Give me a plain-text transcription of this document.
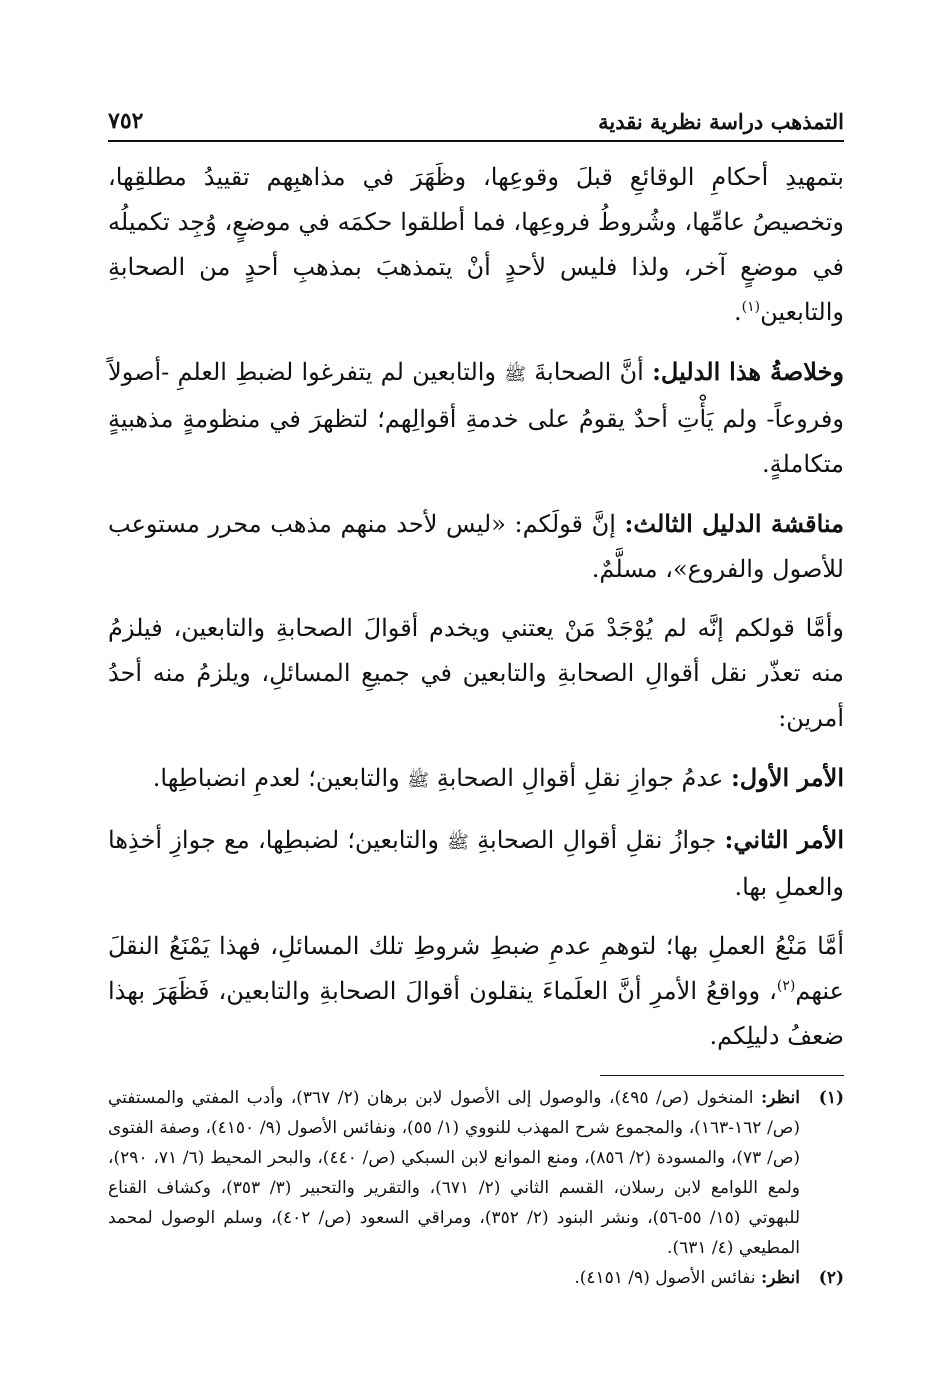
التمذهب دراسة نظرية نقدية
٧٥٢

بتمهيدِ أحكامِ الوقائعِ قبلَ وقوعِها، وظَهَرَ في مذاهبِهم تقييدُ مطلقِها، وتخصيصُ عامِّها، وشُروطُ فروعِها، فما أطلقوا حكمَه في موضعٍ، وُجِد تكميلُه في موضعٍ آخر، ولذا فليس لأحدٍ أنْ يتمذهبَ بمذهبِ أحدٍ من الصحابةِ والتابعين$^{(١)}$.

وخلاصةُ هذا الدليل: أنَّ الصحابةَ ﷺ والتابعين لم يتفرغوا لضبطِ العلمِ -أصولاً وفروعاً- ولم يَأْتِ أحدٌ يقومُ على خدمةِ أقوالِهم؛ لتظهرَ في منظومةٍ مذهبيةٍ متكاملةٍ.

مناقشة الدليل الثالث: إنَّ قولَكم: «ليس لأحد منهم مذهب محرر مستوعب للأصول والفروع»، مسلَّمٌ.

وأمَّا قولكم إنَّه لم يُوْجَدْ مَنْ يعتني ويخدم أقوالَ الصحابةِ والتابعين، فيلزمُ منه تعذّر نقل أقوالِ الصحابةِ والتابعين في جميعِ المسائلِ، ويلزمُ منه أحدُ أمرين:

الأمر الأول: عدمُ جوازِ نقلِ أقوالِ الصحابةِ ﷺ والتابعين؛ لعدمِ انضباطِها.

الأمر الثاني: جوازُ نقلِ أقوالِ الصحابةِ ﷺ والتابعين؛ لضبطِها، مع جوازِ أخذِها والعملِ بها.

أمَّا مَنْعُ العملِ بها؛ لتوهمِ عدمِ ضبطِ شروطِ تلك المسائلِ، فهذا يَمْنَعُ النقلَ عنهم$^{(٢)}$، وواقعُ الأمرِ أنَّ العلَماءَ ينقلون أقوالَ الصحابةِ والتابعين، فَظَهَرَ بهذا ضعفُ دليلِكم.

(١)
انظر: المنخول (ص/ ٤٩٥)، والوصول إلى الأصول لابن برهان (٢/ ٣٦٧)، وأدب المفتي والمستفتي (ص/ ١٦٢-١٦٣)، والمجموع شرح المهذب للنووي (١/ ٥٥)، ونفائس الأصول (٩/ ٤١٥٠)، وصفة الفتوى (ص/ ٧٣)، والمسودة (٢/ ٨٥٦)، ومنع الموانع لابن السبكي (ص/ ٤٤٠)، والبحر المحيط (٦/ ٧١، ٢٩٠)، ولمع اللوامع لابن رسلان، القسم الثاني (٢/ ٦٧١)، والتقرير والتحبير (٣/ ٣٥٣)، وكشاف القناع للبهوتي (١٥/ ٥٥-٥٦)، ونشر البنود (٢/ ٣٥٢)، ومراقي السعود (ص/ ٤٠٢)، وسلم الوصول لمحمد المطيعي (٤/ ٦٣١).
(٢)
انظر: نفائس الأصول (٩/ ٤١٥١).
